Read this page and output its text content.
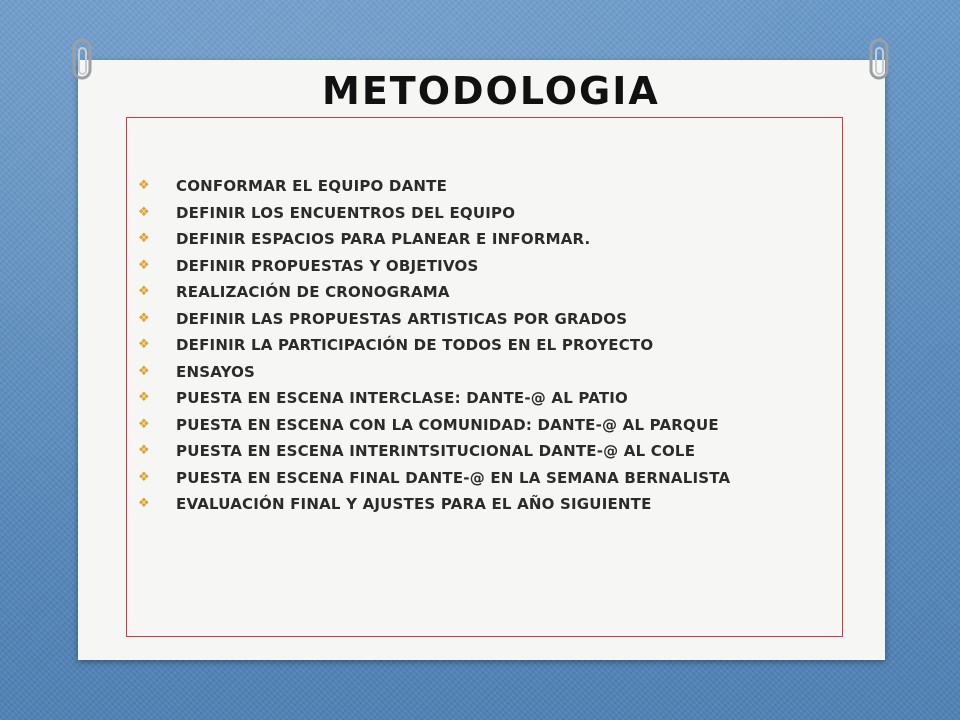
METODOLOGIA
❖ CONFORMAR EL EQUIPO DANTE
❖ DEFINIR LOS ENCUENTROS DEL EQUIPO
❖ DEFINIR ESPACIOS PARA PLANEAR E INFORMAR.
❖ DEFINIR PROPUESTAS Y OBJETIVOS
❖ REALIZACIÓN DE CRONOGRAMA
❖ DEFINIR LAS PROPUESTAS ARTISTICAS POR GRADOS
❖ DEFINIR LA PARTICIPACIÓN DE TODOS EN EL PROYECTO
❖ ENSAYOS
❖ PUESTA EN ESCENA INTERCLASE: DANTE-@ AL PATIO
❖ PUESTA EN ESCENA CON LA COMUNIDAD: DANTE-@ AL PARQUE
❖ PUESTA EN ESCENA INTERINTSITUCIONAL DANTE-@ AL COLE
❖ PUESTA EN ESCENA FINAL DANTE-@ EN LA SEMANA BERNALISTA
❖ EVALUACIÓN FINAL Y AJUSTES PARA EL AÑO SIGUIENTE
